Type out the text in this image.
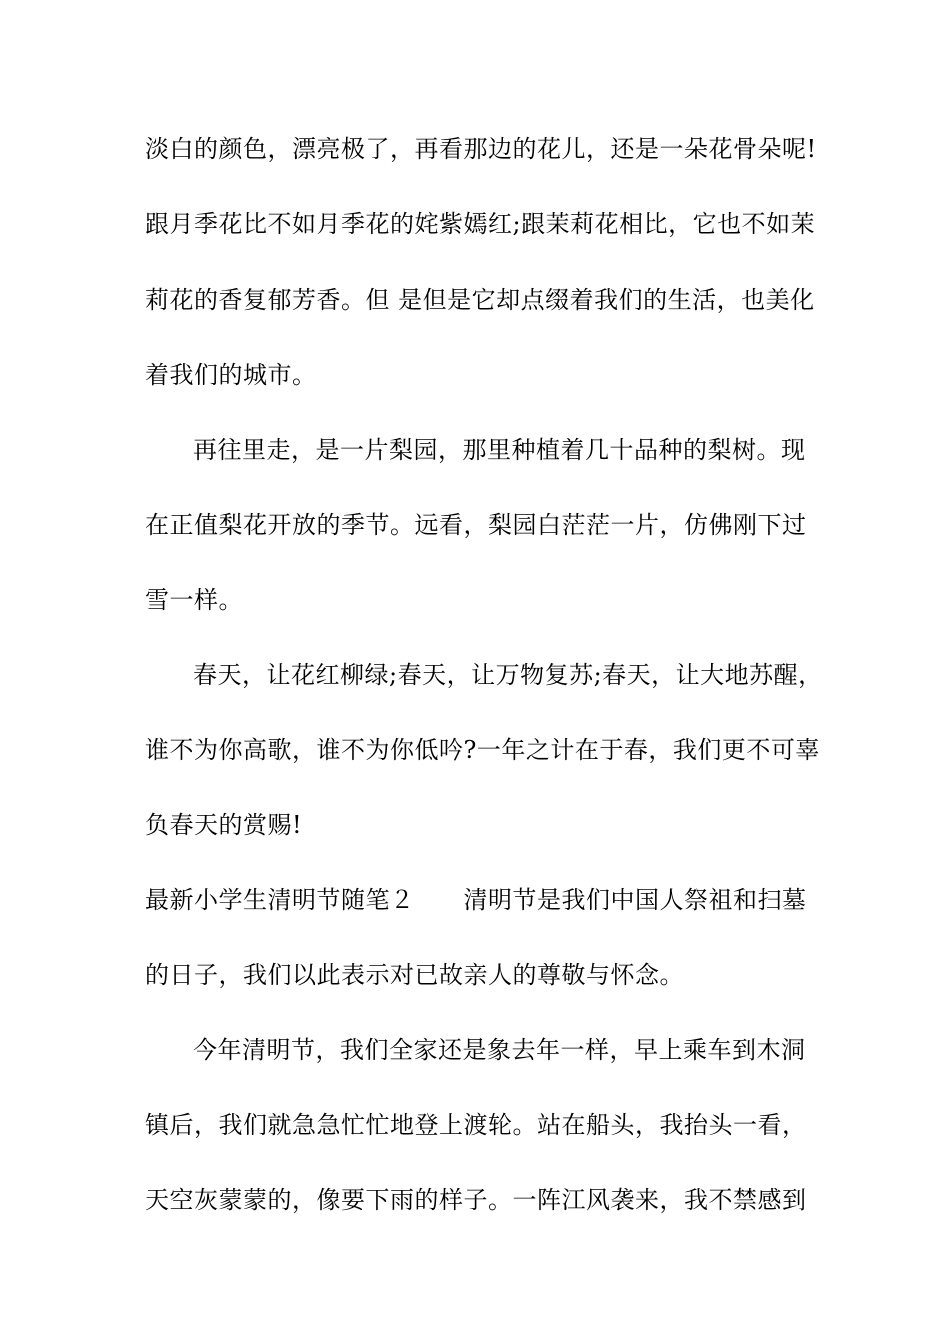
淡白的颜色，漂亮极了，再看那边的花儿，还是一朵花骨朵呢!
跟月季花比不如月季花的姹紫嫣红;跟茉莉花相比，它也不如茉
莉花的香复郁芳香。但 是但是它却点缀着我们的生活，也美化
着我们的城市。
再往里走，是一片梨园，那里种植着几十品种的梨树。现
在正值梨花开放的季节。远看，梨园白茫茫一片，仿佛刚下过
雪一样。
春天，让花红柳绿;春天，让万物复苏;春天，让大地苏醒，
谁不为你高歌，谁不为你低吟?一年之计在于春，我们更不可辜
负春天的赏赐!
最新小学生清明节随笔２　　清明节是我们中国人祭祖和扫墓
的日子，我们以此表示对已故亲人的尊敬与怀念。
今年清明节，我们全家还是象去年一样，早上乘车到木洞
镇后，我们就急急忙忙地登上渡轮。站在船头，我抬头一看，
天空灰蒙蒙的，像要下雨的样子。一阵江风袭来，我不禁感到
